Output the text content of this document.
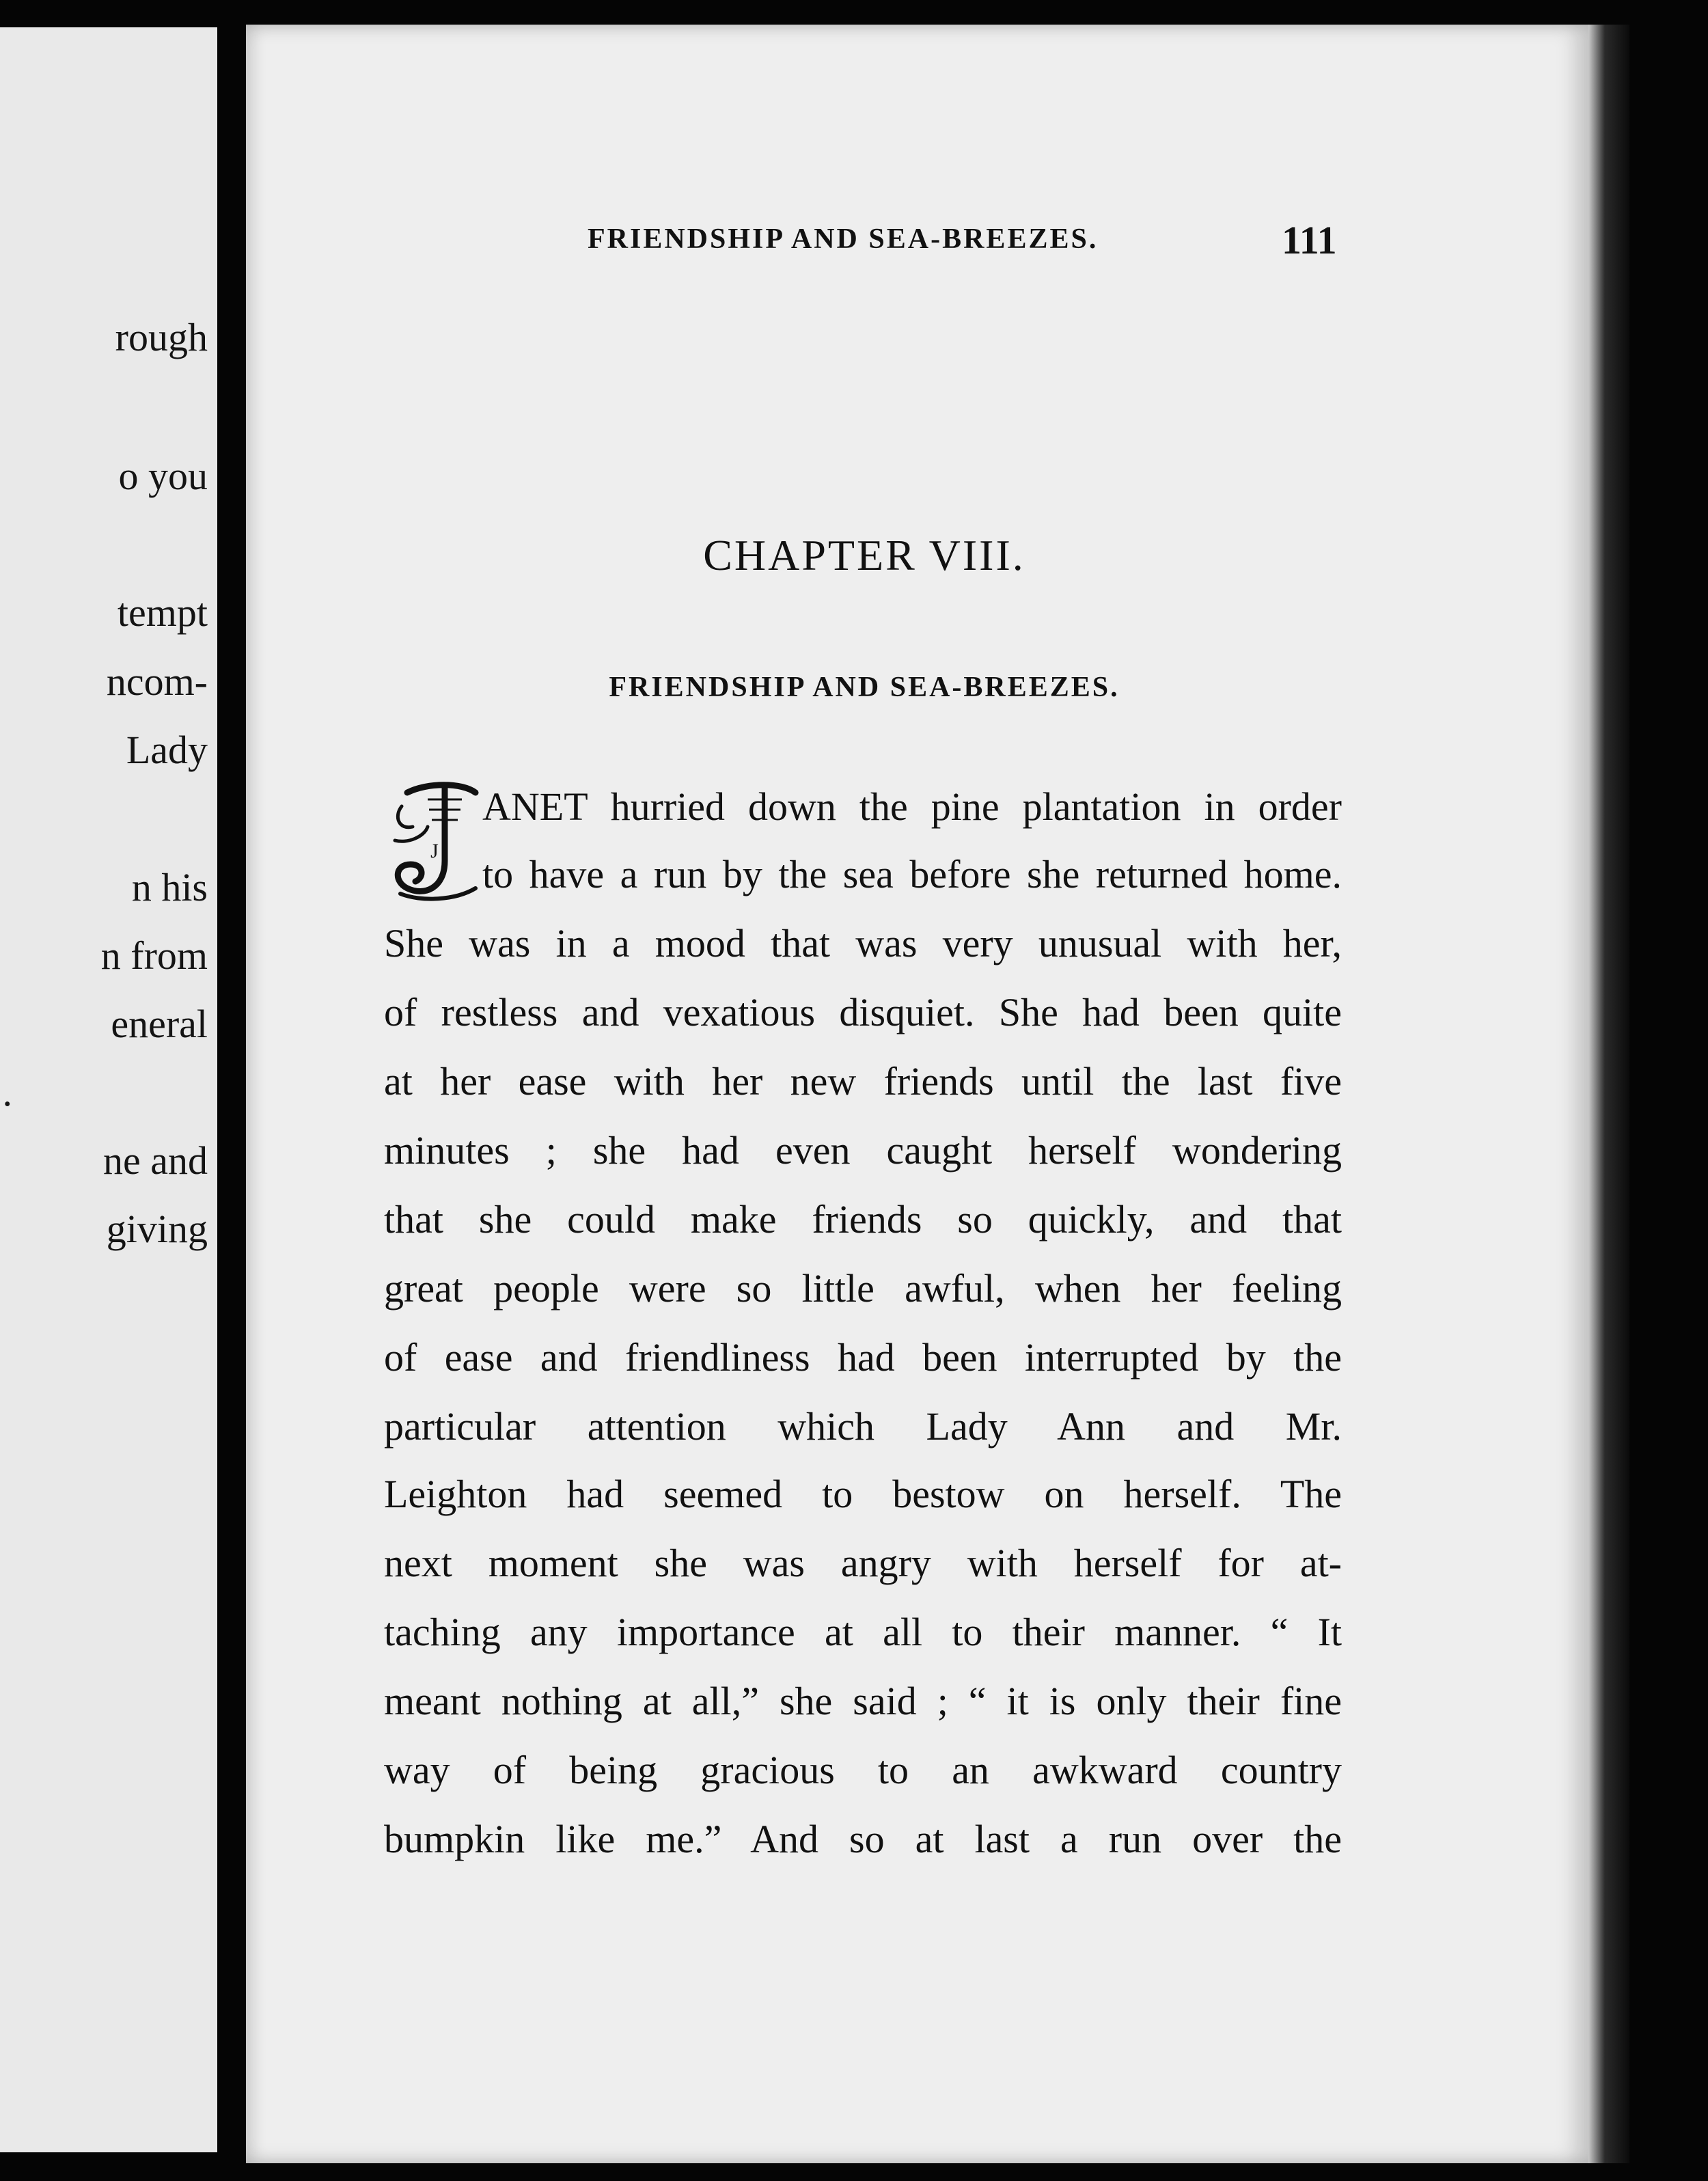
rough
o you
tempt
ncom-
Lady
n his
n from
eneral
.
ne and
giving
FRIENDSHIP AND SEA-BREEZES.	111
CHAPTER VIII.
FRIENDSHIP AND SEA-BREEZES.
J
ANET hurried down the pine plantation in order
to have a run by the sea before she returned home.
She was in a mood that was very unusual with her,
of restless and vexatious disquiet. She had been quite
at her ease with her new friends until the last five
minutes ; she had even caught herself wondering
that she could make friends so quickly, and that
great people were so little awful, when her feeling
of ease and friendliness had been interrupted by the
particular attention which Lady Ann and Mr.
Leighton had seemed to bestow on herself. The
next moment she was angry with herself for at-
taching any importance at all to their manner. “ It
meant nothing at all,” she said ; “ it is only their fine
way of being gracious to an awkward country
bumpkin like me.” And so at last a run over the
